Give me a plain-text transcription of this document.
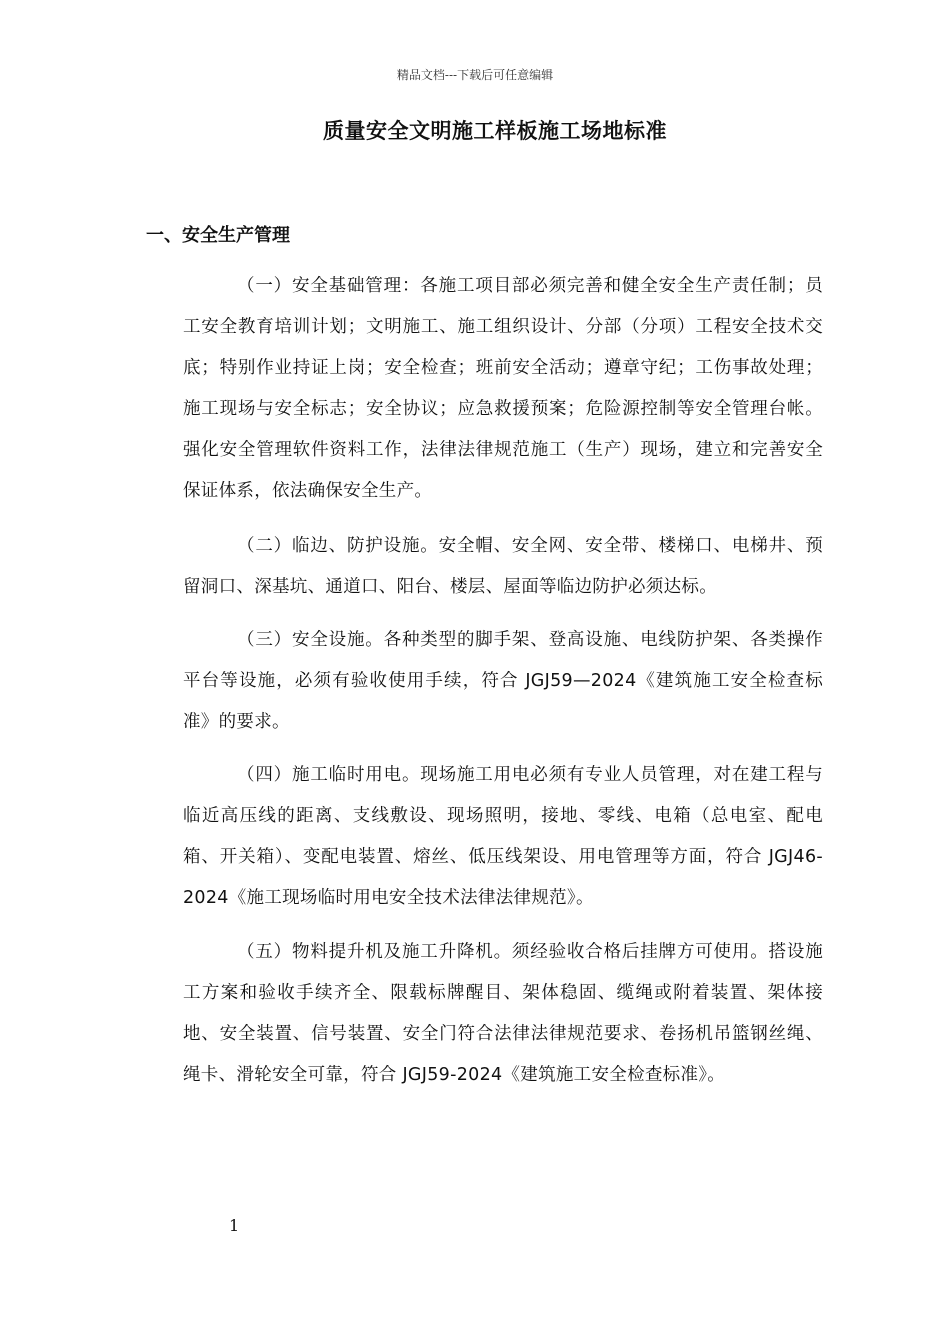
精品文档---下载后可任意编辑
质量安全文明施工样板施工场地标准
一、安全生产管理

（一）安全基础管理：各施工项目部必须完善和健全安全生产责任制；员工安全教育培训计划；文明施工、施工组织设计、分部（分项）工程安全技术交底；特别作业持证上岗；安全检查；班前安全活动；遵章守纪；工伤事故处理；施工现场与安全标志；安全协议；应急救援预案；危险源控制等安全管理台帐。强化安全管理软件资料工作，法律法律规范施工（生产）现场，建立和完善安全保证体系，依法确保安全生产。

（二）临边、防护设施。安全帽、安全网、安全带、楼梯口、电梯井、预留洞口、深基坑、通道口、阳台、楼层、屋面等临边防护必须达标。

（三）安全设施。各种类型的脚手架、登高设施、电线防护架、各类操作平台等设施，必须有验收使用手续，符合 JGJ59—2024《建筑施工安全检查标准》的要求。

（四）施工临时用电。现场施工用电必须有专业人员管理，对在建工程与临近高压线的距离、支线敷设、现场照明，接地、零线、电箱（总电室、配电箱、开关箱）、变配电装置、熔丝、低压线架设、用电管理等方面，符合 JGJ46-2024《施工现场临时用电安全技术法律法律规范》。

（五）物料提升机及施工升降机。须经验收合格后挂牌方可使用。搭设施工方案和验收手续齐全、限载标牌醒目、架体稳固、缆绳或附着装置、架体接地、安全装置、信号装置、安全门符合法律法律规范要求、卷扬机吊篮钢丝绳、绳卡、滑轮安全可靠，符合 JGJ59-2024《建筑施工安全检查标准》。

1
